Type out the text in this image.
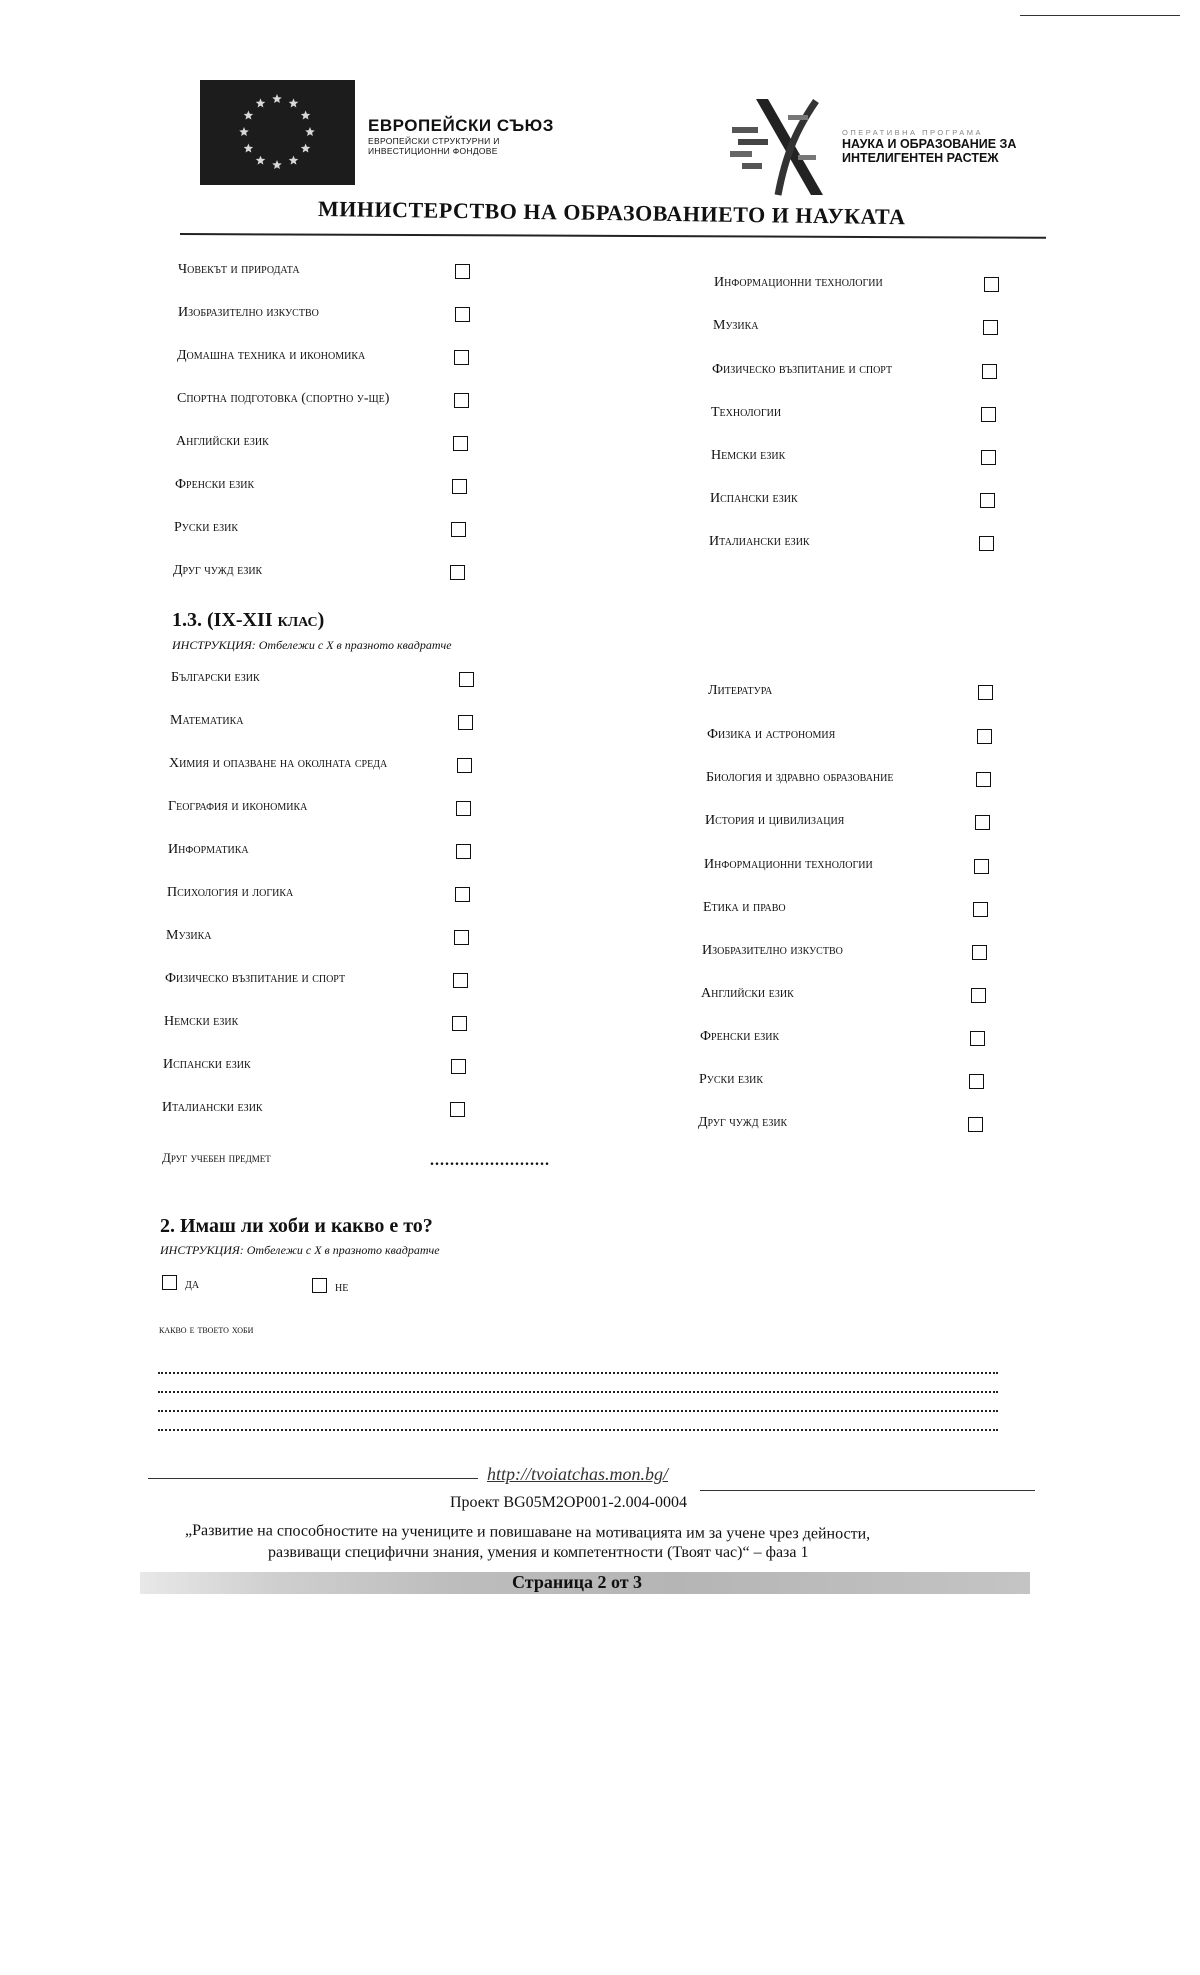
ЕВРОПЕЙСКИ СЪЮЗ
ЕВРОПЕЙСКИ СТРУКТУРНИ И
ИНВЕСТИЦИОННИ ФОНДОВЕ
ОПЕРАТИВНА ПРОГРАМА
НАУКА И ОБРАЗОВАНИЕ ЗА
ИНТЕЛИГЕНТЕН РАСТЕЖ
МИНИСТЕРСТВО НА ОБРАЗОВАНИЕТО И НАУКАТА
Човекът и природата
Изобразително изкуство
Домашна техника и икономика
Спортна подготовка (спортно у-ще)
Английски език
Френски език
Руски език
Друг чужд език
Информационни технологии
Музика
Физическо възпитание и спорт
Технологии
Немски език
Испански език
Италиански език
1.3. (IX-XII клас)
ИНСТРУКЦИЯ: Отбележи с Х в празното квадратче
Български език
Математика
Химия и опазване на околната среда
География и икономика
Информатика
Психология и логика
Музика
Физическо възпитание и спорт
Немски език
Испански език
Италиански език
Литература
Физика и астрономия
Биология и здравно образование
История и цивилизация
Информационни технологии
Етика и право
Изобразително изкуство
Английски език
Френски език
Руски език
Друг чужд език
Друг учебен предмет	........................
2. Имаш ли хоби и какво е то?
ИНСТРУКЦИЯ: Отбележи с Х в празното квадратче
да	не
какво е твоето хоби
http://tvoiatchas.mon.bg/
Проект BG05M2OP001-2.004-0004
„Развитие на способностите на учениците и повишаване на мотивацията им за учене чрез дейности,
развиващи специфични знания, умения и компетентности (Твоят час)“ – фаза 1
Страница 2 от 3
